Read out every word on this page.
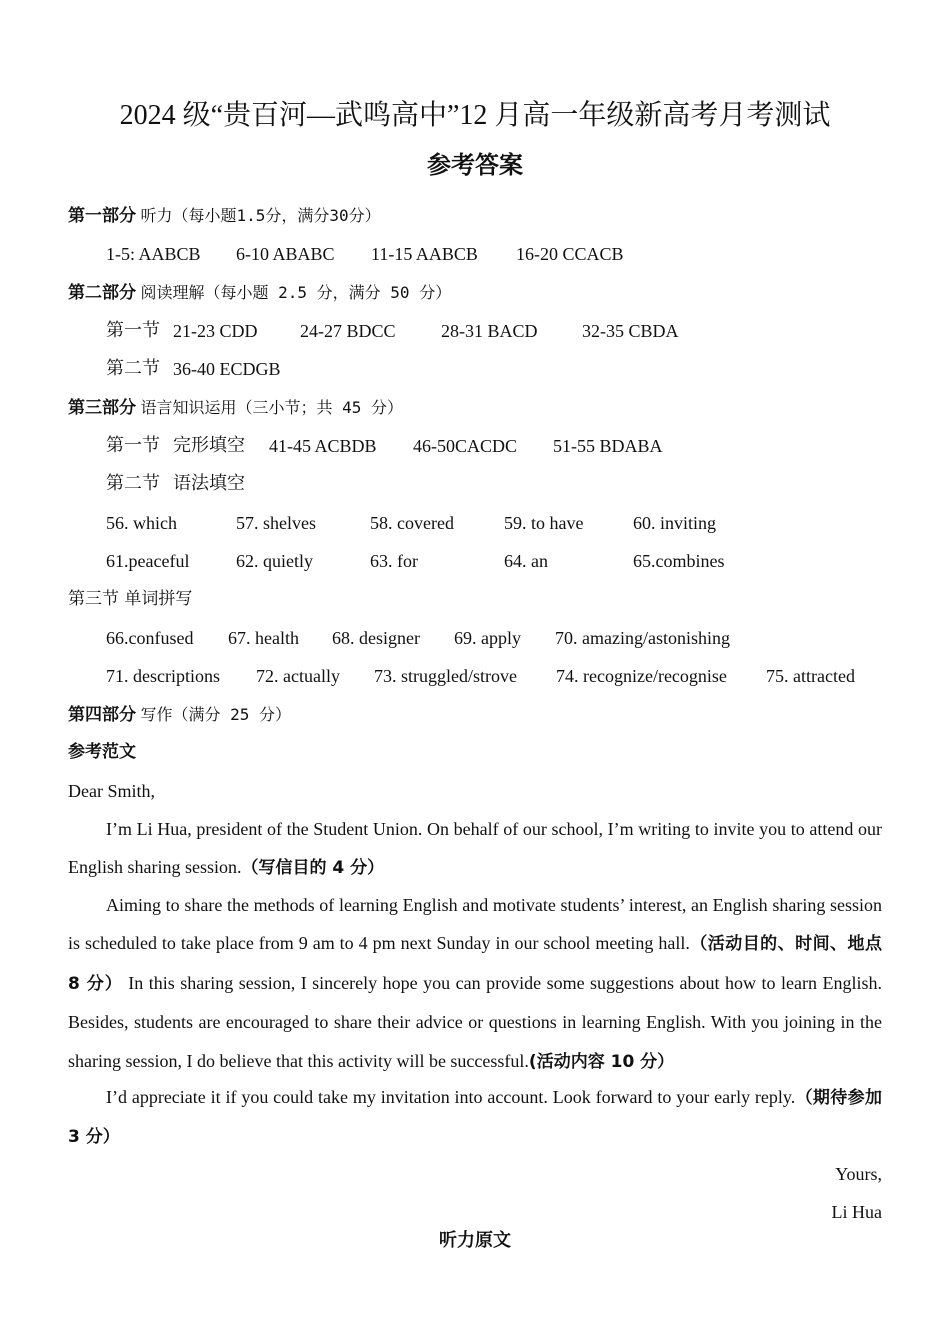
2024 级“贵百河—武鸣高中”12 月高一年级新高考月考测试
参考答案
第一部分 听力（每小题1.5分，满分30分）
1-5: AABCB 6-10 ABABC 11-15 AABCB 16-20 CCACB
第二部分 阅读理解（每小题 2.5 分，满分 50 分）
第一节 21-23 CDD 24-27 BDCC	28-31 BACD 32-35 CBDA
第二节 36-40 ECDGB
第三部分 语言知识运用（三小节；共 45 分）
第一节 完形填空 41-45 ACBDB 46-50CACDC 51-55 BDABA
第二节 语法填空
56. which	57. shelves	58. covered	59. to have	60. inviting
61.peaceful	62. quietly	63. for	64. an	65.combines
第三节 单词拼写
66.confused 67. health 68. designer 69. apply 70. amazing/astonishing
71. descriptions 72. actually 73. struggled/strove 74. recognize/recognise 75. attracted
第四部分 写作（满分 25 分）
参考范文
Dear Smith,
I’m Li Hua, president of the Student Union. On behalf of our school, I’m writing to invite you to attend our English sharing session.（写信目的 4 分）
Aiming to share the methods of learning English and motivate students’ interest, an English sharing session is scheduled to take place from 9 am to 4 pm next Sunday in our school meeting hall.（活动目的、时间、地点 8 分） In this sharing session, I sincerely hope you can provide some suggestions about how to learn English. Besides, students are encouraged to share their advice or questions in learning English. With you joining in the sharing session, I do believe that this activity will be successful.(活动内容 10 分）
I’d appreciate it if you could take my invitation into account. Look forward to your early reply.（期待参加 3 分）
Yours,
Li Hua
听力原文
